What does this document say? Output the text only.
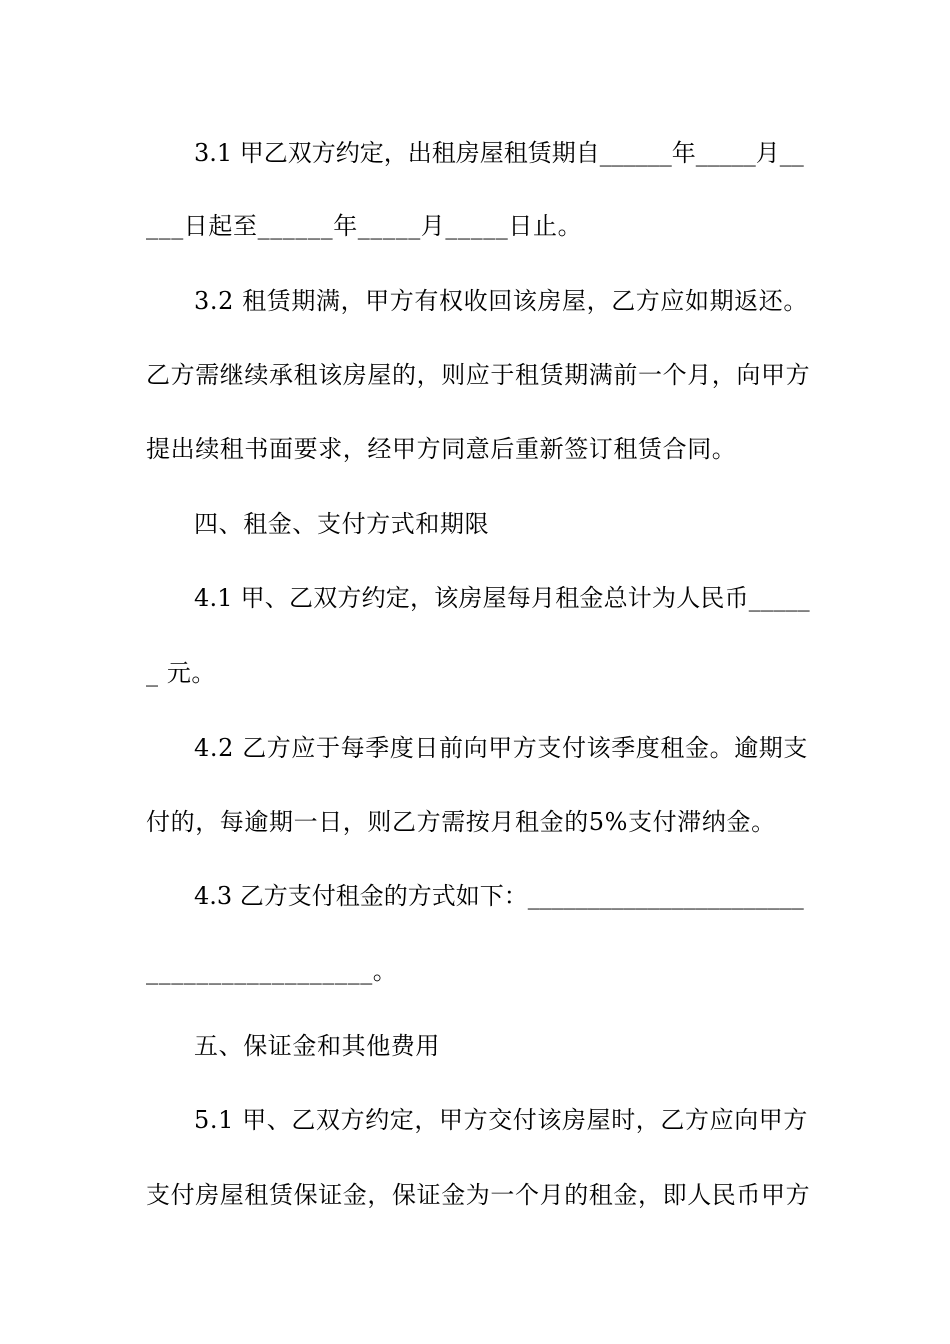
3.1 甲乙双方约定，出租房屋租赁期自______年_____月__
___日起至______年_____月_____日止。
3.2 租赁期满，甲方有权收回该房屋，乙方应如期返还。
乙方需继续承租该房屋的，则应于租赁期满前一个月，向甲方
提出续租书面要求，经甲方同意后重新签订租赁合同。
四、租金、支付方式和期限
4.1 甲、乙双方约定，该房屋每月租金总计为人民币_____
_ 元。
4.2 乙方应于每季度日前向甲方支付该季度租金。逾期支
付的，每逾期一日，则乙方需按月租金的5%支付滞纳金。
4.3 乙方支付租金的方式如下：_______________________
__________________。
五、保证金和其他费用
5.1 甲、乙双方约定，甲方交付该房屋时，乙方应向甲方
支付房屋租赁保证金，保证金为一个月的租金，即人民币甲方
